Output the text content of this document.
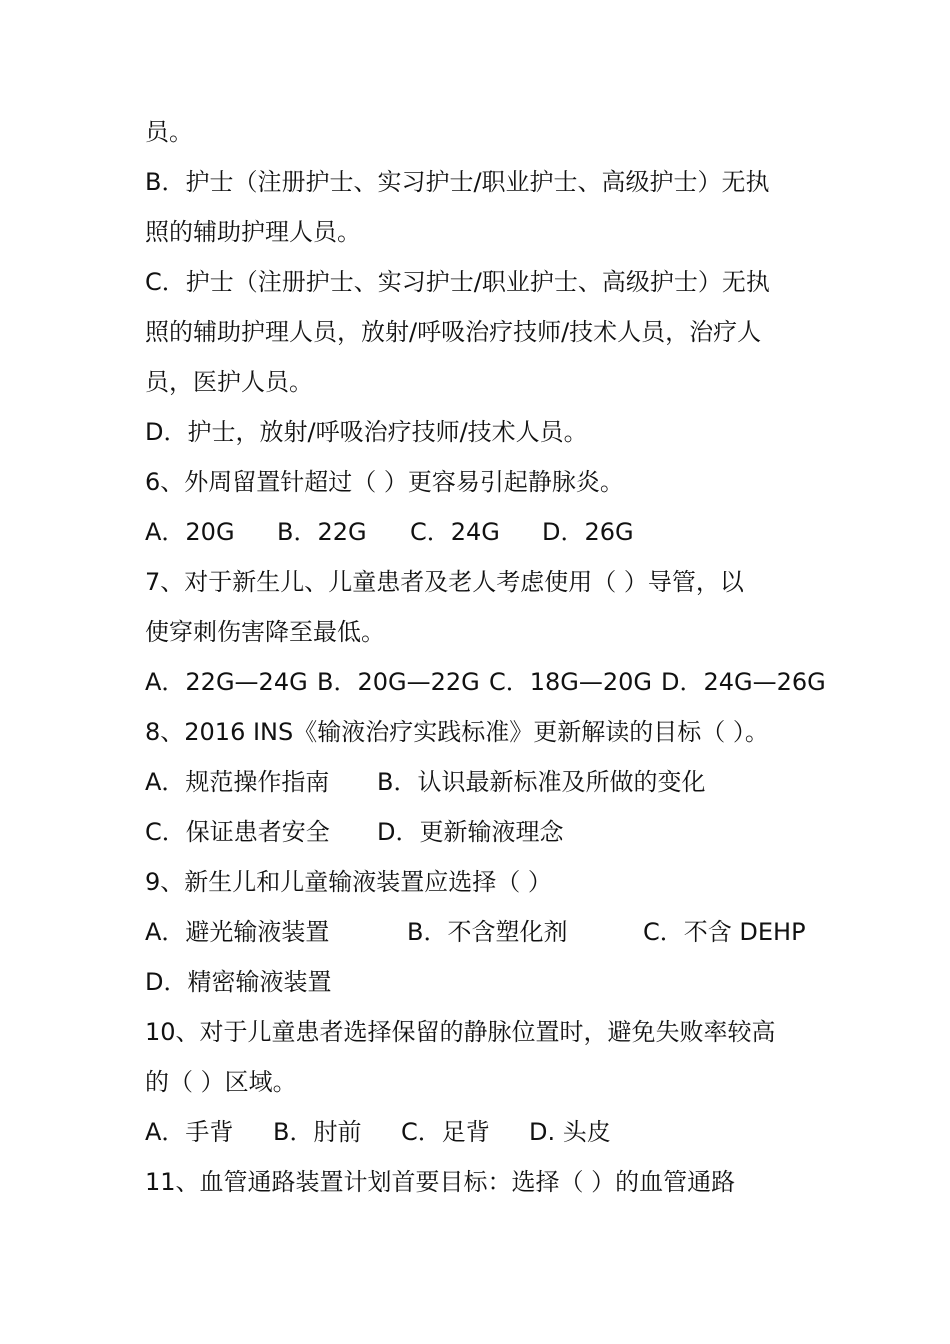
员。
B．护士（注册护士、实习护士/职业护士、高级护士）无执
照的辅助护理人员。
C．护士（注册护士、实习护士/职业护士、高级护士）无执
照的辅助护理人员，放射/呼吸治疗技师/技术人员，治疗人
员，医护人员。
D．护士，放射/呼吸治疗技师/技术人员。
6、外周留置针超过（ ）更容易引起静脉炎。
A．20G B．22G C．24G D．26G
7、对于新生儿、儿童患者及老人考虑使用（ ）导管，以
使穿刺伤害降至最低。
A．22G—24G B．20G—22G C．18G—20G D．24G—26G
8、2016 INS《输液治疗实践标准》更新解读的目标（ ）。
A．规范操作指南 B．认识最新标准及所做的变化
C．保证患者安全 D．更新输液理念
9、新生儿和儿童输液装置应选择（ ）
A．避光输液装置	B．不含塑化剂	C．不含 DEHP
D．精密输液装置
10、对于儿童患者选择保留的静脉位置时，避免失败率较高
的（ ）区域。
A．手背 B．肘前 C．足背 D. 头皮
11、血管通路装置计划首要目标：选择（ ）的血管通路
